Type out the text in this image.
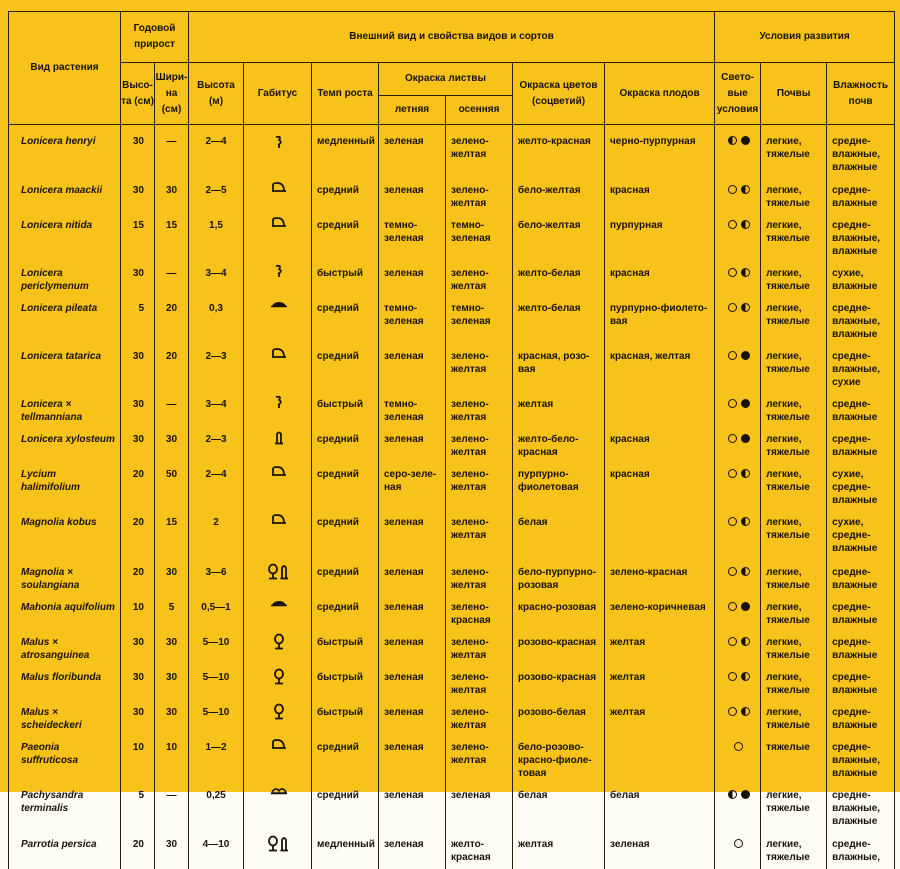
Вид растения	Годовой прирост		Внешний вид и свойства видов и сортов							Условия развития		
	Высо-та (см)	Шири-на (см)	Высота (м)	Габитус	Темп роста	Окраска листвы		Окраска цветов (соцветий)	Окраска плодов	Свето-вые условия	Почвы	Влажность почв
						летняя	осенняя					
Lonicera henryi	30	—	2—4		медленный	зеленая	зелено-желтая	желто-красная	черно-пурпурная		легкие, тяжелые	средне-влажные, влажные
Lonicera maackii	30	30	2—5		средний	зеленая	зелено-желтая	бело-желтая	красная		легкие, тяжелые	средне-влажные
Lonicera nitida	15	15	1,5		средний	темно-зеленая	темно-зеленая	бело-желтая	пурпурная		легкие, тяжелые	средне-влажные, влажные
Lonicera periclymenum	30	—	3—4		быстрый	зеленая	зелено-желтая	желто-белая	красная		легкие, тяжелые	сухие, влажные
Lonicera pileata	5	20	0,3		средний	темно-зеленая	темно-зеленая	желто-белая	пурпурно-фиолето-вая		легкие, тяжелые	средне-влажные, влажные
Lonicera tatarica	30	20	2—3		средний	зеленая	зелено-желтая	красная, розо-вая	красная, желтая		легкие, тяжелые	средне-влажные, сухие
Lonicera × tellmanniana	30	—	3—4		быстрый	темно-зеленая	зелено-желтая	желтая			легкие, тяжелые	средне-влажные
Lonicera xylosteum	30	30	2—3		средний	зеленая	зелено-желтая	желто-бело-красная	красная		легкие, тяжелые	средне-влажные
Lycium halimifolium	20	50	2—4		средний	серо-зеле-ная	зелено-желтая	пурпурно-фиолетовая	красная		легкие, тяжелые	сухие, средне-влажные
Magnolia kobus	20	15	2		средний	зеленая	зелено-желтая	белая			легкие, тяжелые	сухие, средне-влажные
Magnolia × soulangiana	20	30	3—6		средний	зеленая	зелено-желтая	бело-пурпурно-розовая	зелено-красная		легкие, тяжелые	средне-влажные
Mahonia aquifolium	10	5	0,5—1		средний	зеленая	зелено-красная	красно-розовая	зелено-коричневая		легкие, тяжелые	средне-влажные
Malus × atrosanguinea	30	30	5—10		быстрый	зеленая	зелено-желтая	розово-красная	желтая		легкие, тяжелые	средне-влажные
Malus floribunda	30	30	5—10		быстрый	зеленая	зелено-желтая	розово-красная	желтая		легкие, тяжелые	средне-влажные
Malus × scheideckeri	30	30	5—10		быстрый	зеленая	зелено-желтая	розово-белая	желтая		легкие, тяжелые	средне-влажные
Paeonia suffruticosa	10	10	1—2		средний	зеленая	зелено-желтая	бело-розово-красно-фиоле-товая			тяжелые	средне-влажные, влажные
Pachysandra terminalis	5	—	0,25		средний	зеленая	зеленая	белая	белая		легкие, тяжелые	средне-влажные, влажные
Parrotia persica	20	30	4—10		медленный	зеленая	желто-красная	желтая	зеленая		легкие, тяжелые	средне-влажные,
